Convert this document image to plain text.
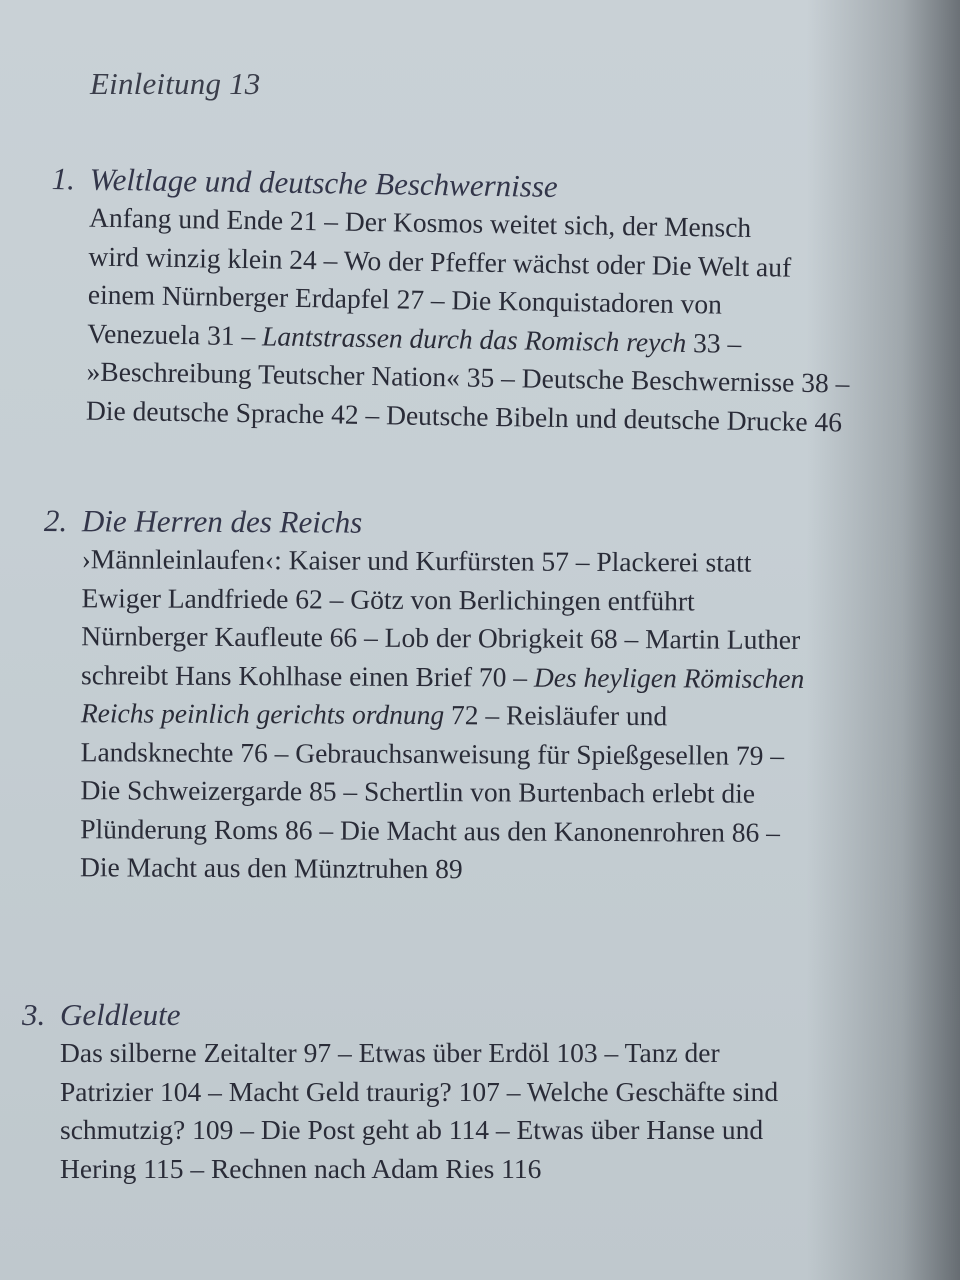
Einleitung 13
1. Weltlage und deutsche Beschwernisse
Anfang und Ende 21 – Der Kosmos weitet sich, der Mensch
wird winzig klein 24 – Wo der Pfeffer wächst oder Die Welt auf
einem Nürnberger Erdapfel 27 – Die Konquistadoren von
Venezuela 31 – Lantstrassen durch das Romisch reych 33 –
»Beschreibung Teutscher Nation« 35 – Deutsche Beschwernisse 38 –
Die deutsche Sprache 42 – Deutsche Bibeln und deutsche Drucke 46
2. Die Herren des Reichs
›Männleinlaufen‹: Kaiser und Kurfürsten 57 – Plackerei statt
Ewiger Landfriede 62 – Götz von Berlichingen entführt
Nürnberger Kaufleute 66 – Lob der Obrigkeit 68 – Martin Luther
schreibt Hans Kohlhase einen Brief 70 – Des heyligen Römischen
Reichs peinlich gerichts ordnung 72 – Reisläufer und
Landsknechte 76 – Gebrauchsanweisung für Spießgesellen 79 –
Die Schweizergarde 85 – Schertlin von Burtenbach erlebt die
Plünderung Roms 86 – Die Macht aus den Kanonenrohren 86 –
Die Macht aus den Münztruhen 89
3. Geldleute
Das silberne Zeitalter 97 – Etwas über Erdöl 103 – Tanz der
Patrizier 104 – Macht Geld traurig? 107 – Welche Geschäfte sind
schmutzig? 109 – Die Post geht ab 114 – Etwas über Hanse und
Hering 115 – Rechnen nach Adam Ries 116
